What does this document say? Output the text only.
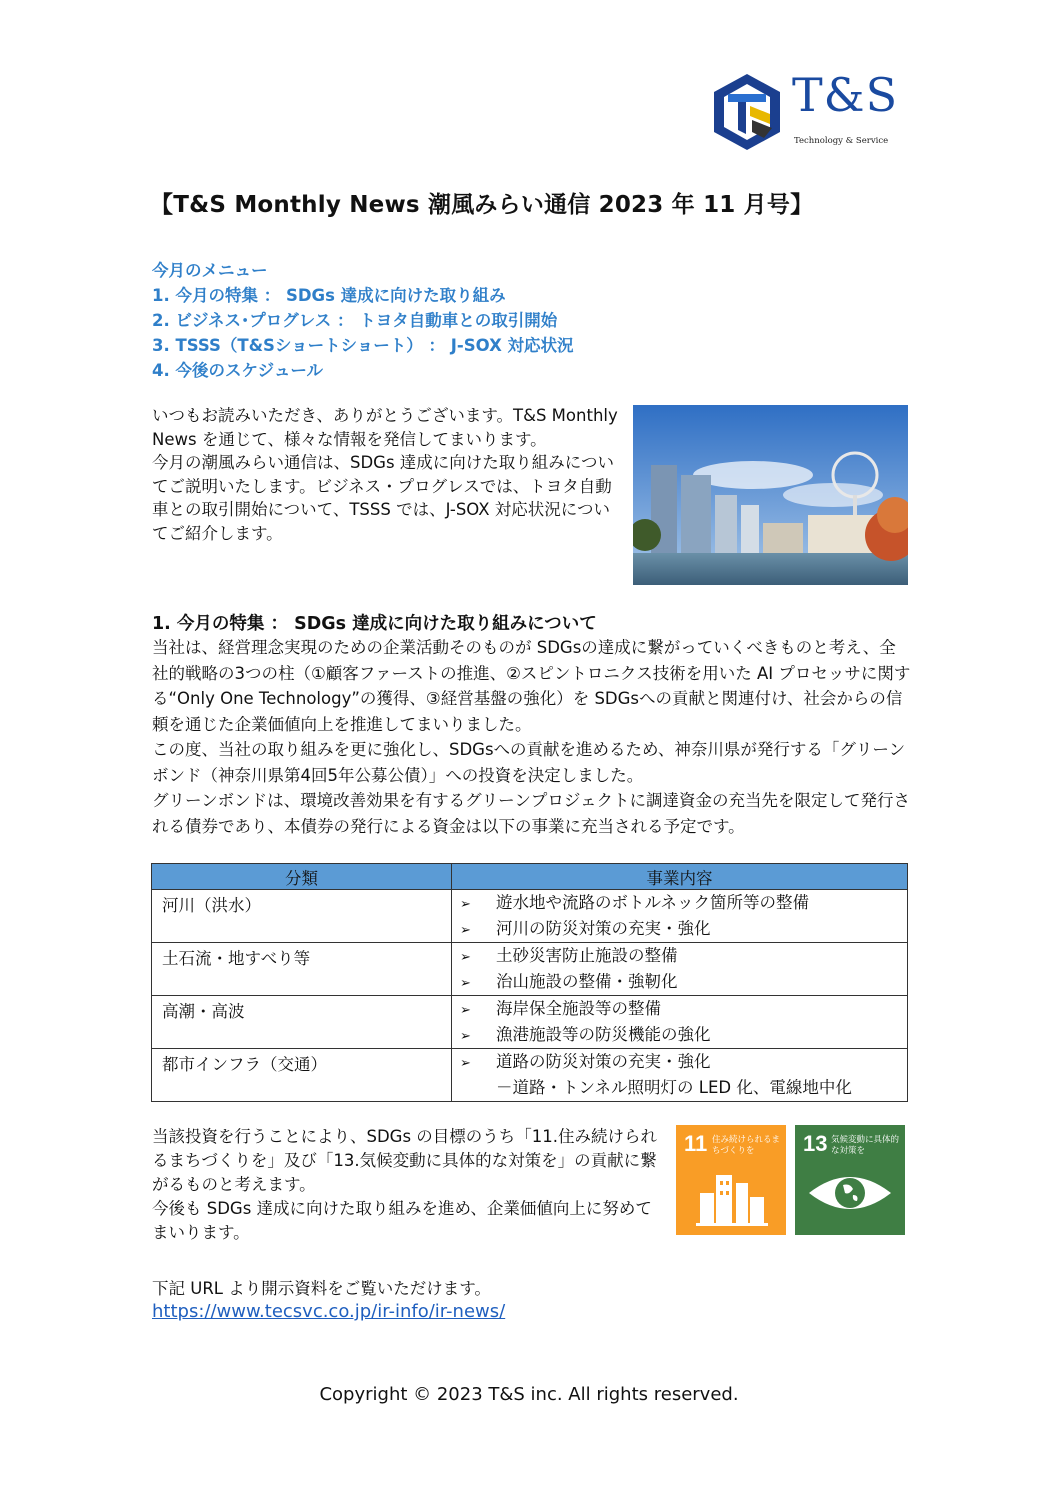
T&S
Technology & Service
【T&S Monthly News 潮風みらい通信 2023 年 11 月号】
今月のメニュー
1. 今月の特集 ： SDGs 達成に向けた取り組み
2. ビジネス･プログレス ： トヨタ自動車との取引開始
3. TSSS（T&Sショートショート） ： J-SOX 対応状況
4. 今後のスケジュール
いつもお読みいただき、ありがとうございます。T&S Monthly News を通じて、様々な情報を発信してまいります。
今月の潮風みらい通信は、SDGs 達成に向けた取り組みについてご説明いたします。ビジネス・プログレスでは、トヨタ自動車との取引開始について、TSSS では、J-SOX 対応状況についてご紹介します。
1. 今月の特集 ： SDGs 達成に向けた取り組みについて

当社は、経営理念実現のための企業活動そのものが SDGsの達成に繋がっていくべきものと考え、全社的戦略の3つの柱（①顧客ファーストの推進、②スピントロニクス技術を用いた AI プロセッサに関する“Only One Technology”の獲得、③経営基盤の強化）を SDGsへの貢献と関連付け、社会からの信頼を通じた企業価値向上を推進してまいりました。

この度、当社の取り組みを更に強化し、SDGsへの貢献を進めるため、神奈川県が発行する「グリーンボンド（神奈川県第4回5年公募公債）」への投資を決定しました。

グリーンボンドは、環境改善効果を有するグリーンプロジェクトに調達資金の充当先を限定して発行される債券であり、本債券の発行による資金は以下の事業に充当される予定です。

分類	事業内容
河川（洪水）	➢ 遊水地や流路のボトルネック箇所等の整備
➢ 河川の防災対策の充実・強化

土石流・地すべり等	➢ 土砂災害防止施設の整備
➢ 治山施設の整備・強靭化

高潮・高波	➢ 海岸保全施設等の整備
➢ 漁港施設等の防災機能の強化

都市インフラ（交通）	➢ 道路の防災対策の充実・強化
－道路・トンネル照明灯の LED 化、電線地中化
当該投資を行うことにより、SDGs の目標のうち「11.住み続けられるまちづくりを」及び「13.気候変動に具体的な対策を」の貢献に繋がるものと考えます。
今後も SDGs 達成に向けた取り組みを進め、企業価値向上に努めてまいります。
11 住み続けられるまちづくりを	13 気候変動に具体的な対策を
下記 URL より開示資料をご覧いただけます。
https://www.tecsvc.co.jp/ir-info/ir-news/
Copyright © 2023 T&S inc. All rights reserved.
